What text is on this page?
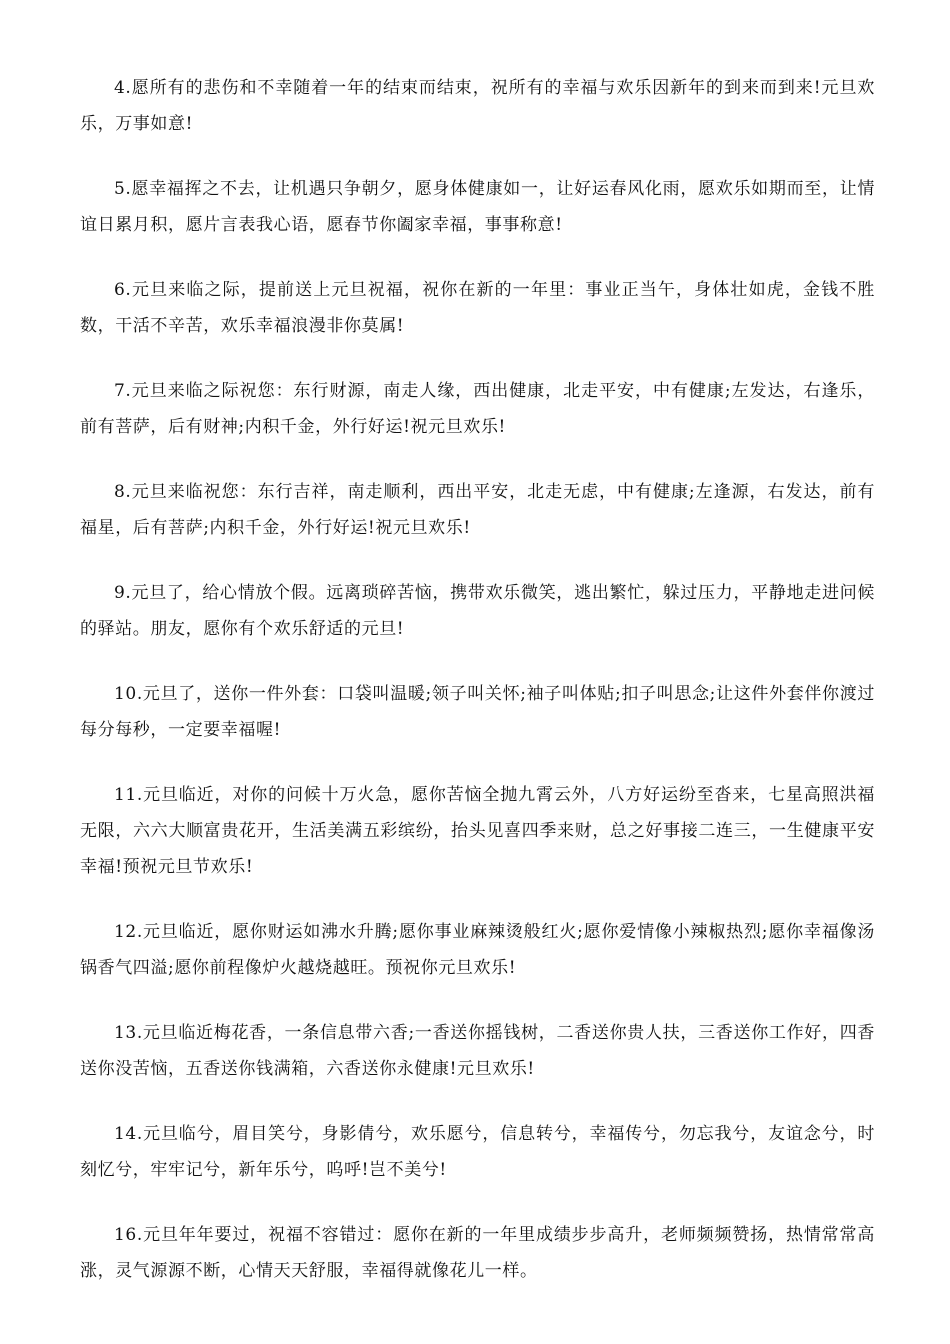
4.愿所有的悲伤和不幸随着一年的结束而结束，祝所有的幸福与欢乐因新年的到来而到来!元旦欢乐，万事如意!

5.愿幸福挥之不去，让机遇只争朝夕，愿身体健康如一，让好运春风化雨，愿欢乐如期而至，让情谊日累月积，愿片言表我心语，愿春节你阖家幸福，事事称意!

6.元旦来临之际，提前送上元旦祝福，祝你在新的一年里：事业正当午，身体壮如虎，金钱不胜数，干活不辛苦，欢乐幸福浪漫非你莫属!

7.元旦来临之际祝您：东行财源，南走人缘，西出健康，北走平安，中有健康;左发达，右逢乐，前有菩萨，后有财神;内积千金，外行好运!祝元旦欢乐!

8.元旦来临祝您：东行吉祥，南走顺利，西出平安，北走无虑，中有健康;左逢源，右发达，前有福星，后有菩萨;内积千金，外行好运!祝元旦欢乐!

9.元旦了，给心情放个假。远离琐碎苦恼，携带欢乐微笑，逃出繁忙，躲过压力，平静地走进问候的驿站。朋友，愿你有个欢乐舒适的元旦!

10.元旦了，送你一件外套：口袋叫温暖;领子叫关怀;袖子叫体贴;扣子叫思念;让这件外套伴你渡过每分每秒，一定要幸福喔!

11.元旦临近，对你的问候十万火急，愿你苦恼全抛九霄云外，八方好运纷至沓来，七星高照洪福无限，六六大顺富贵花开，生活美满五彩缤纷，抬头见喜四季来财，总之好事接二连三，一生健康平安幸福!预祝元旦节欢乐!

12.元旦临近，愿你财运如沸水升腾;愿你事业麻辣烫般红火;愿你爱情像小辣椒热烈;愿你幸福像汤锅香气四溢;愿你前程像炉火越烧越旺。预祝你元旦欢乐!

13.元旦临近梅花香，一条信息带六香;一香送你摇钱树，二香送你贵人扶，三香送你工作好，四香送你没苦恼，五香送你钱满箱，六香送你永健康!元旦欢乐!

14.元旦临兮，眉目笑兮，身影倩兮，欢乐愿兮，信息转兮，幸福传兮，勿忘我兮，友谊念兮，时刻忆兮，牢牢记兮，新年乐兮，呜呼!岂不美兮!

16.元旦年年要过，祝福不容错过：愿你在新的一年里成绩步步高升，老师频频赞扬，热情常常高涨，灵气源源不断，心情天天舒服，幸福得就像花儿一样。
